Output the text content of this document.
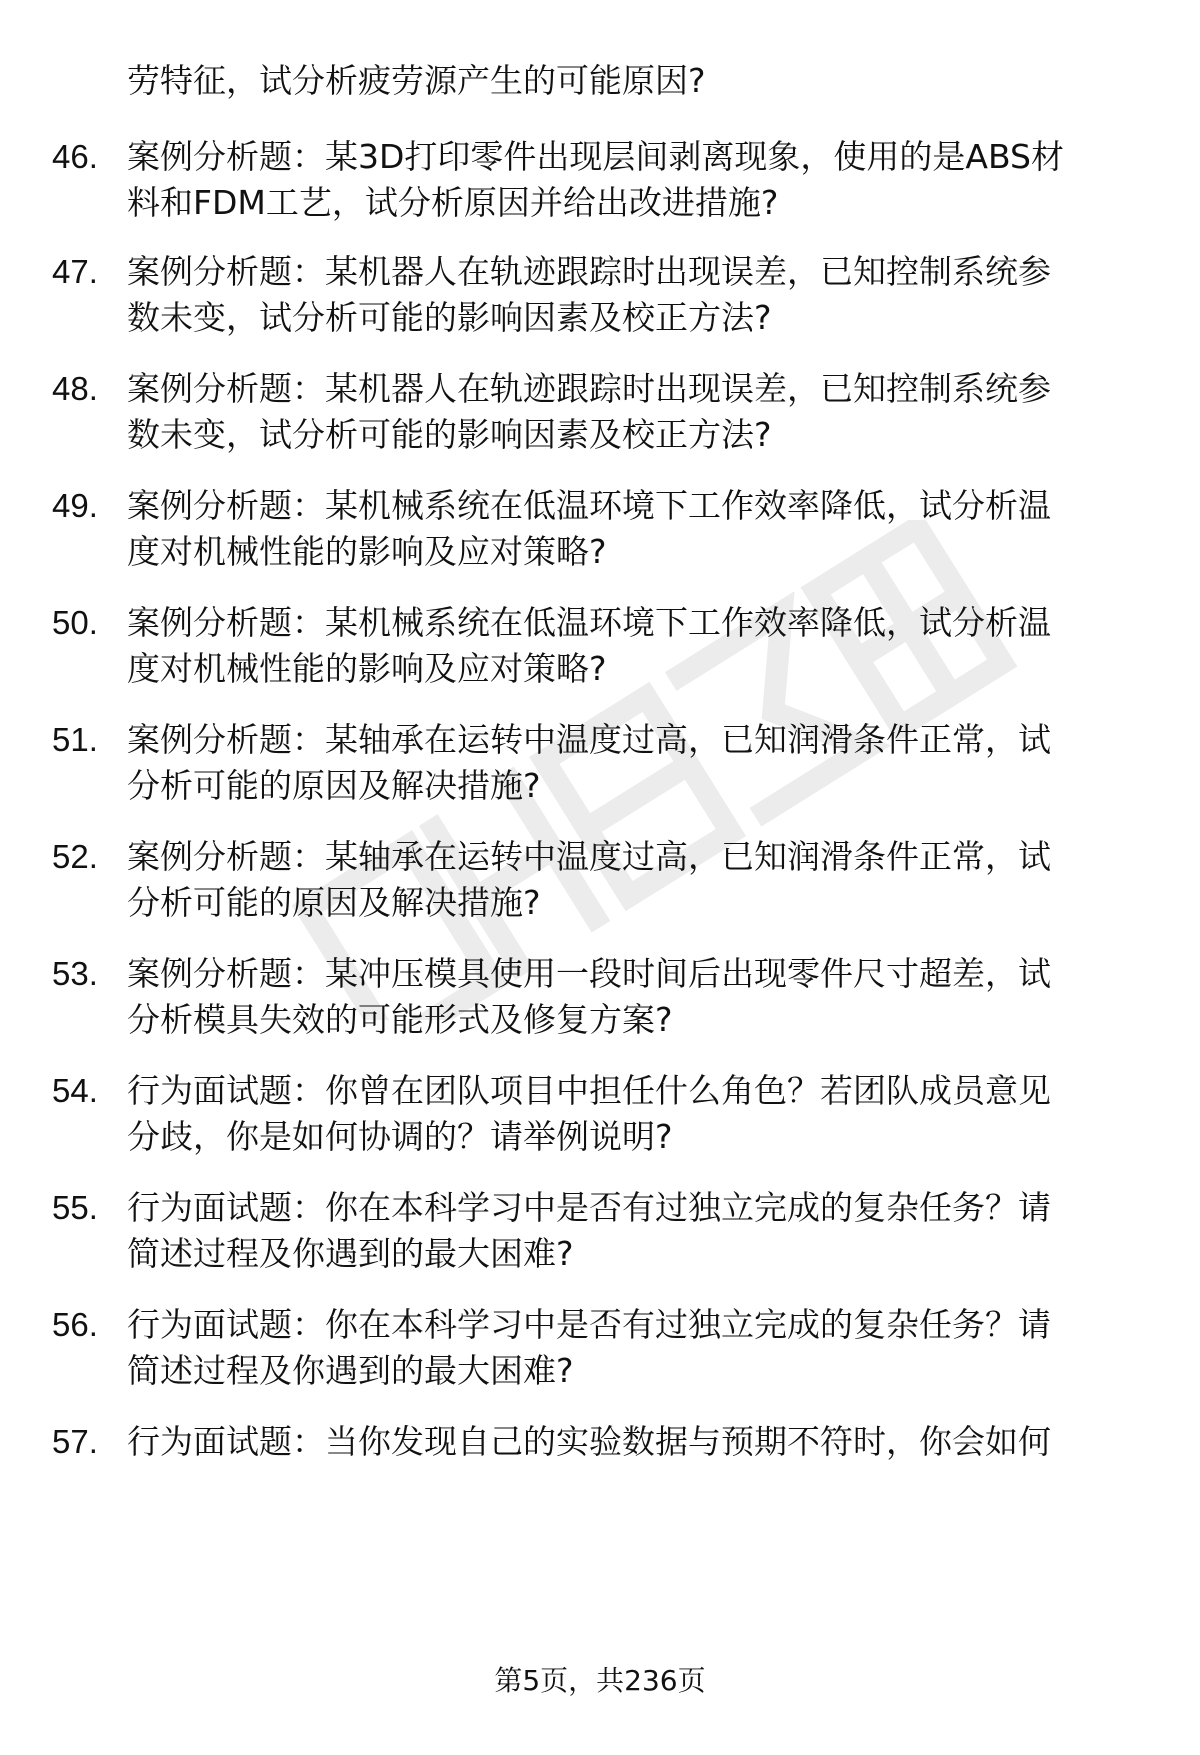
劳特征，试分析疲劳源产生的可能原因?
46. 案例分析题：某3D打印零件出现层间剥离现象，使用的是ABS材
料和FDM工艺，试分析原因并给出改进措施?
47. 案例分析题：某机器人在轨迹跟踪时出现误差，已知控制系统参
数未变，试分析可能的影响因素及校正方法?
48. 案例分析题：某机器人在轨迹跟踪时出现误差，已知控制系统参
数未变，试分析可能的影响因素及校正方法?
49. 案例分析题：某机械系统在低温环境下工作效率降低，试分析温
度对机械性能的影响及应对策略?
50. 案例分析题：某机械系统在低温环境下工作效率降低，试分析温
度对机械性能的影响及应对策略?
51. 案例分析题：某轴承在运转中温度过高，已知润滑条件正常，试
分析可能的原因及解决措施?
52. 案例分析题：某轴承在运转中温度过高，已知润滑条件正常，试
分析可能的原因及解决措施?
53. 案例分析题：某冲压模具使用一段时间后出现零件尺寸超差，试
分析模具失效的可能形式及修复方案?
54. 行为面试题：你曾在团队项目中担任什么角色？若团队成员意见
分歧，你是如何协调的？请举例说明?
55. 行为面试题：你在本科学习中是否有过独立完成的复杂任务？请
简述过程及你遇到的最大困难?
56. 行为面试题：你在本科学习中是否有过独立完成的复杂任务？请
简述过程及你遇到的最大困难?
57. 行为面试题：当你发现自己的实验数据与预期不符时，你会如何
第5页，共236页
